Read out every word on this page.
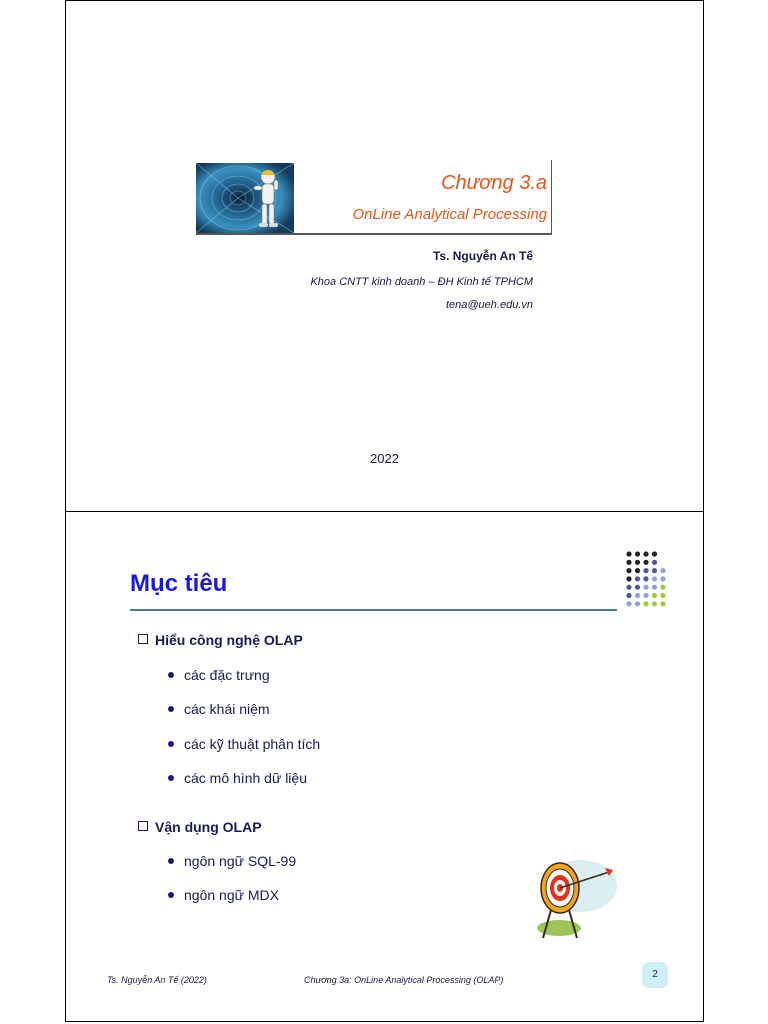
Chương 3.a
OnLine Analytical Processing
Ts. Nguyễn An Tế
Khoa CNTT kinh doanh – ĐH Kinh tế TPHCM
tena@ueh.edu.vn
2022
Mục tiêu
Hiểu công nghệ OLAP
các đặc trưng
các khái niệm
các kỹ thuật phân tích
các mô hình dữ liệu
Vận dụng OLAP
ngôn ngữ SQL-99
ngôn ngữ MDX
Ts. Nguyễn An Tế (2022)	Chương 3a: OnLine Analytical Processing (OLAP)	2
